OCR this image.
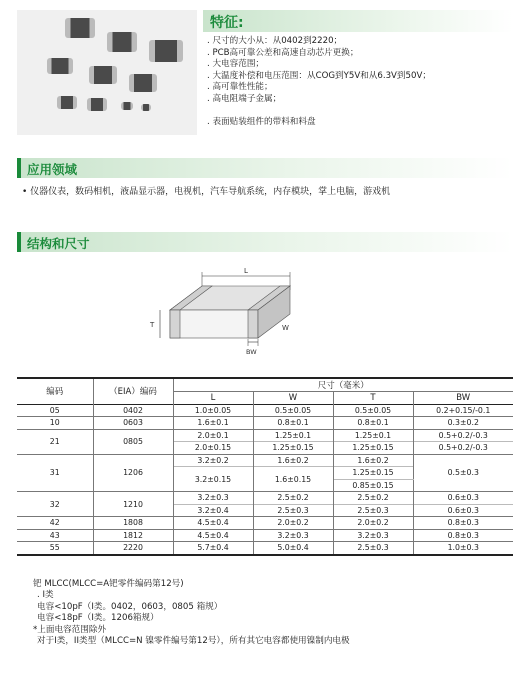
特征:
. 尺寸的大小从：从0402到2220；
. PCB高可靠公差和高速自动芯片更换；
. 大电容范围；
. 大温度补偿和电压范围：从COG到Y5V和从6.3V到50V；
. 高可靠性性能；
. 高电阻端子金属；
. 表面贴装组件的带料和料盘
应用领域
• 仪器仪表，数码相机，液晶显示器，电视机，汽车导航系统，内存模块，掌上电脑，游戏机
结构和尺寸
L
T	W
BW
编码	（EIA）编码	尺寸（毫米）			
		L	W	T	BW
05	0402	1.0±0.05	0.5±0.05	0.5±0.05	0.2+0.15/-0.1
10	0603	1.6±0.1	0.8±0.1	0.8±0.1	0.3±0.2
21	0805	2.0±0.1	1.25±0.1	1.25±0.1	0.5+0.2/-0.3
		2.0±0.15	1.25±0.15	1.25±0.15	0.5+0.2/-0.3
31	1206	3.2±0.2	1.6±0.2	1.6±0.2	0.5±0.3
		3.2±0.15	1.6±0.15	1.25±0.15	
				0.85±0.15	
32	1210	3.2±0.3	2.5±0.2	2.5±0.2	0.6±0.3
		3.2±0.4	2.5±0.3	2.5±0.3	0.6±0.3
42	1808	4.5±0.4	2.0±0.2	2.0±0.2	0.8±0.3
43	1812	4.5±0.4	3.2±0.3	3.2±0.3	0.8±0.3
55	2220	5.7±0.4	5.0±0.4	2.5±0.3	1.0±0.3
钯 MLCC(MLCC=A钯零件编码第12号)
. I类
电容<10pF（I类。0402，0603，0805 箱规）
电容<18pF（I类。1206箱规）
*上面电容范围除外
对于I类，II类型（MLCC=N 镍零件编号第12号），所有其它电容都使用镍制内电极
